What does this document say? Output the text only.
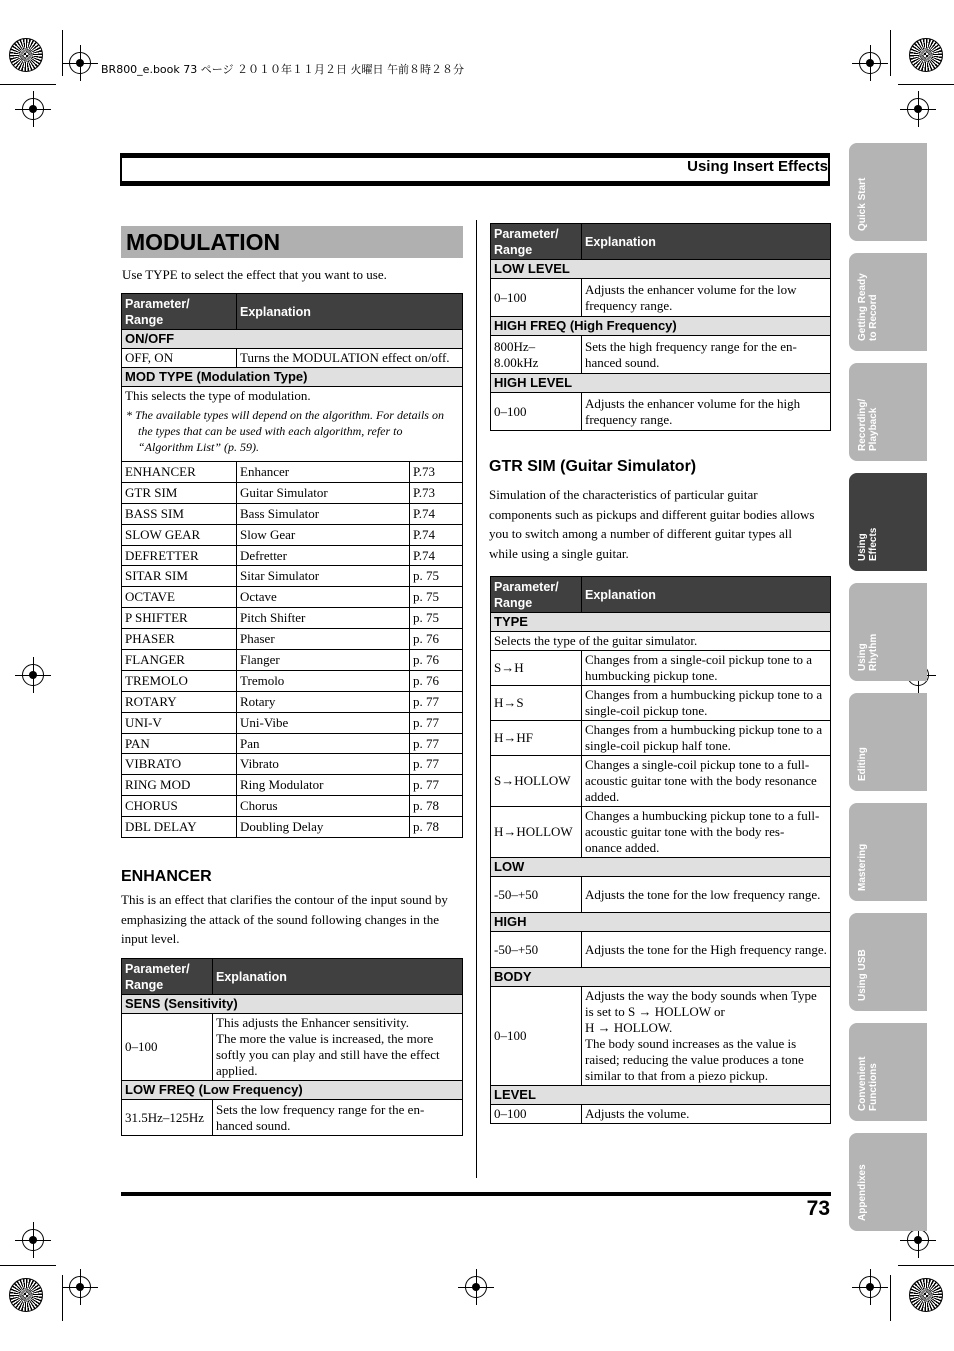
BR800_e.book 73 ページ ２０１０年１１月２日 火曜日 午前８時２８分
Using Insert Effects
Quick Start
Getting Ready
to Record
Recording/
Playback
Using
Effects
Using
Rhythm
Editing
Mastering
Using USB
Convenient
Functions
Appendixes
MODULATION
Use TYPE to select the effect that you want to use.
Parameter/
Range	Explanation	
ON/OFF		
OFF, ON	Turns the MODULATION effect on/off.	
MOD TYPE (Modulation Type)		
This selects the type of modulation.		
* The available types will depend on the algorithm. For details on the types that can be used with each algorithm, refer to “Algorithm List” (p. 59).		
ENHANCER	Enhancer	P.73
GTR SIM	Guitar Simulator	P.73
BASS SIM	Bass Simulator	P.74
SLOW GEAR	Slow Gear	P.74
DEFRETTER	Defretter	P.74
SITAR SIM	Sitar Simulator	p. 75
OCTAVE	Octave	p. 75
P SHIFTER	Pitch Shifter	p. 75
PHASER	Phaser	p. 76
FLANGER	Flanger	p. 76
TREMOLO	Tremolo	p. 76
ROTARY	Rotary	p. 77
UNI-V	Uni-Vibe	p. 77
PAN	Pan	p. 77
VIBRATO	Vibrato	p. 77
RING MOD	Ring Modulator	p. 77
CHORUS	Chorus	p. 78
DBL DELAY	Doubling Delay	p. 78
ENHANCER
This is an effect that clarifies the contour of the input sound by emphasizing the attack of the sound following changes in the input level.
Parameter/
Range	Explanation
SENS (Sensitivity)	
0–100	This adjusts the Enhancer sensitivity.
The more the value is increased, the more softly you can play and still have the effect applied.
LOW FREQ (Low Frequency)	
31.5Hz–125Hz	Sets the low frequency range for the en-
hanced sound.
Parameter/
Range	Explanation
LOW LEVEL	
0–100	Adjusts the enhancer volume for the low frequency range.
HIGH FREQ (High Frequency)	
800Hz–
8.00kHz	Sets the high frequency range for the en-
hanced sound.
HIGH LEVEL	
0–100	Adjusts the enhancer volume for the high frequency range.
GTR SIM (Guitar Simulator)
Simulation of the characteristics of particular guitar components such as pickups and different guitar bodies allows you to switch among a number of different guitar types all while using a single guitar.
Parameter/
Range	Explanation
TYPE	
Selects the type of the guitar simulator.	
S→H	Changes from a single-coil pickup tone to a humbucking pickup tone.
H→S	Changes from a humbucking pickup tone to a single-coil pickup tone.
H→HF	Changes from a humbucking pickup tone to a single-coil pickup half tone.
S→HOLLOW	Changes a single-coil pickup tone to a full-acoustic guitar tone with the body resonance added.
H→HOLLOW	Changes a humbucking pickup tone to a full-acoustic guitar tone with the body res-
onance added.
LOW	
-50–+50	Adjusts the tone for the low frequency range.
HIGH	
-50–+50	Adjusts the tone for the High frequency range.
BODY	
0–100	Adjusts the way the body sounds when Type is set to S → HOLLOW or
H → HOLLOW.
The body sound increases as the value is raised; reducing the value produces a tone similar to that from a piezo pickup.
LEVEL	
0–100	Adjusts the volume.
73
